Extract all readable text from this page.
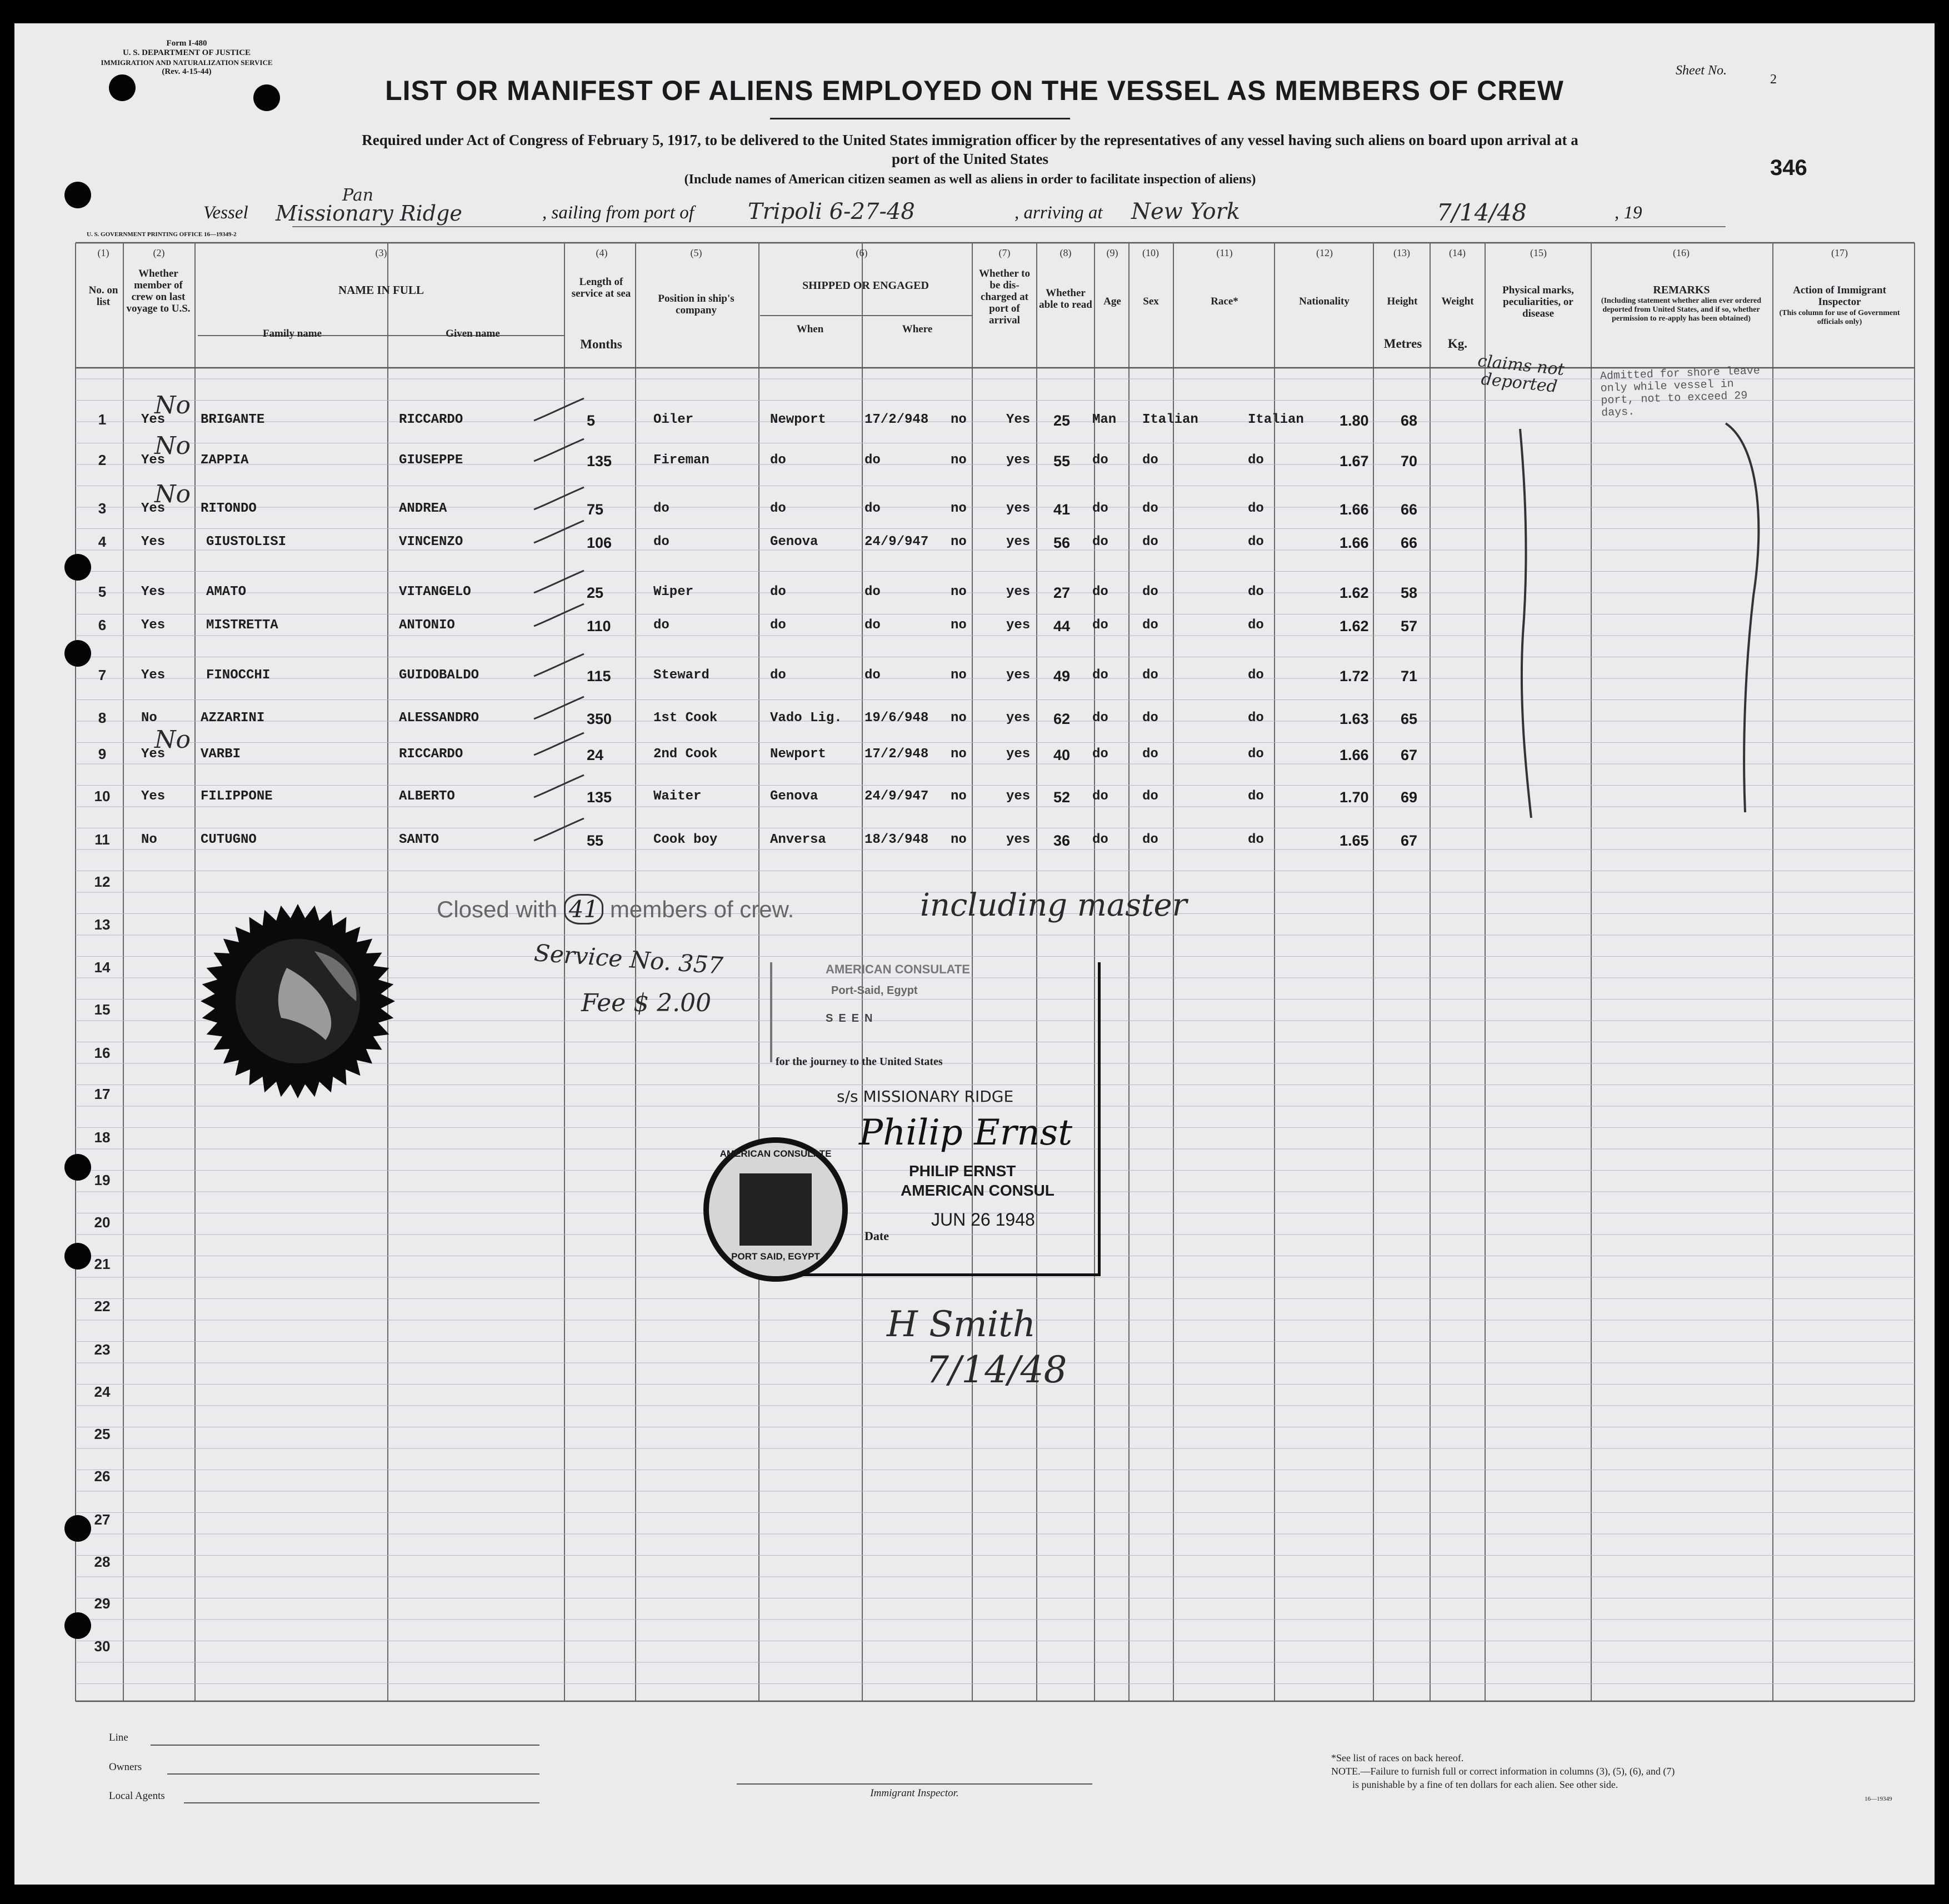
Form I-480
U. S. DEPARTMENT OF JUSTICE
IMMIGRATION AND NATURALIZATION SERVICE
(Rev. 4-15-44)	Sheet No.
2
346
LIST OR MANIFEST OF ALIENS EMPLOYED ON THE VESSEL AS MEMBERS OF CREW
Required under Act of Congress of February 5, 1917, to be delivered to the United States immigration officer by the representatives of any vessel having such aliens on board upon arrival at a
port of the United States
(Include names of American citizen seamen as well as aliens in order to facilitate inspection of aliens)
Vessel
Pan
Missionary Ridge	, sailing from port of Tripoli 6-27-48	, arriving at New York	7/14/48	, 19
U. S. GOVERNMENT PRINTING OFFICE 16—19349-2
(1)	(2)	(3)	(4)	(5)	(6)	(7)	(8)	(9)	(10)	(11)	(12)	(13)	(14)	(15)	(16)	(17)
No. on list
Whether member of crew on last voyage to U.S.
NAME IN FULL
Family name	Given name
Length of service at sea
Months
Position in ship's company
SHIPPED OR ENGAGED
When	Where
Whether to be dis-charged at port of arrival
Whether able to read	Age	Sex	Race*	Nationality	Height
Metres
Weight
Kg.
Physical marks, peculiarities, or disease
REMARKS
(Including statement whether alien ever ordered deported from United States, and if so, whether permission to re-apply has been obtained)
Action of Immigrant Inspector
(This column for use of Government officials only)
1	Yes	BRIGANTE	RICCARDO	5	Oiler	Newport	17/2/948 no	Yes 25 Man Italian	Italian 1.80 68
No
2	Yes	ZAPPIA	GIUSEPPE	135	Fireman	do	do	no	yes 55 do	do	do	1.67 70
No
3	Yes	RITONDO	ANDREA	75	do	do	do	no	yes 41 do	do	do	1.66 66
No
4	Yes	GIUSTOLISI	VINCENZO	106	do	Genova	24/9/947 no	yes 56 do	do	do	1.66 66
5	Yes	AMATO	VITANGELO	25	Wiper	do	do	no	yes 27 do	do	do	1.62 58
6	Yes	MISTRETTA	ANTONIO	110	do	do	do	no	yes 44 do	do	do	1.62 57
7	Yes	FINOCCHI	GUIDOBALDO	115	Steward	do	do	no	yes 49 do	do	do	1.72 71
8	No	AZZARINI	ALESSANDRO	350	1st Cook	Vado Lig. 19/6/948 no	yes 62 do	do	do	1.63 65
9	Yes	VARBI	RICCARDO	24	2nd Cook	Newport	17/2/948 no	yes 40 do	do	do	1.66 67
No
10	Yes	FILIPPONE	ALBERTO	135	Waiter	Genova	24/9/947 no	yes 52 do	do	do	1.70 69
11	No	CUTUGNO	SANTO	55	Cook boy	Anversa	18/3/948 no	yes 36 do	do	do	1.65 67
12
13
14
15
16
17
18
19
20
21
22
23
24
25
26
27
28
29
30
claims not deported	Admitted for shore leave only while vessel in port, not to exceed 29 days.
Closed with 41 members of crew.	including master
Service No. 357
Fee $ 2.00
AMERICAN CONSULATE
Port-Said, Egypt
SEEN
for the journey to the United States
s/s MISSIONARY RIDGE
Philip Ernst
PHILIP ERNST
AMERICAN CONSUL
JUN 26 1948
Date
AMERICAN CONSULATE
PORT SAID, EGYPT
H Smith
7/14/48
Line
Owners
Local Agents	Immigrant Inspector.
*See list of races on back hereof.
NOTE.—Failure to furnish full or correct information in columns (3), (5), (6), and (7)
is punishable by a fine of ten dollars for each alien. See other side.
16—19349
